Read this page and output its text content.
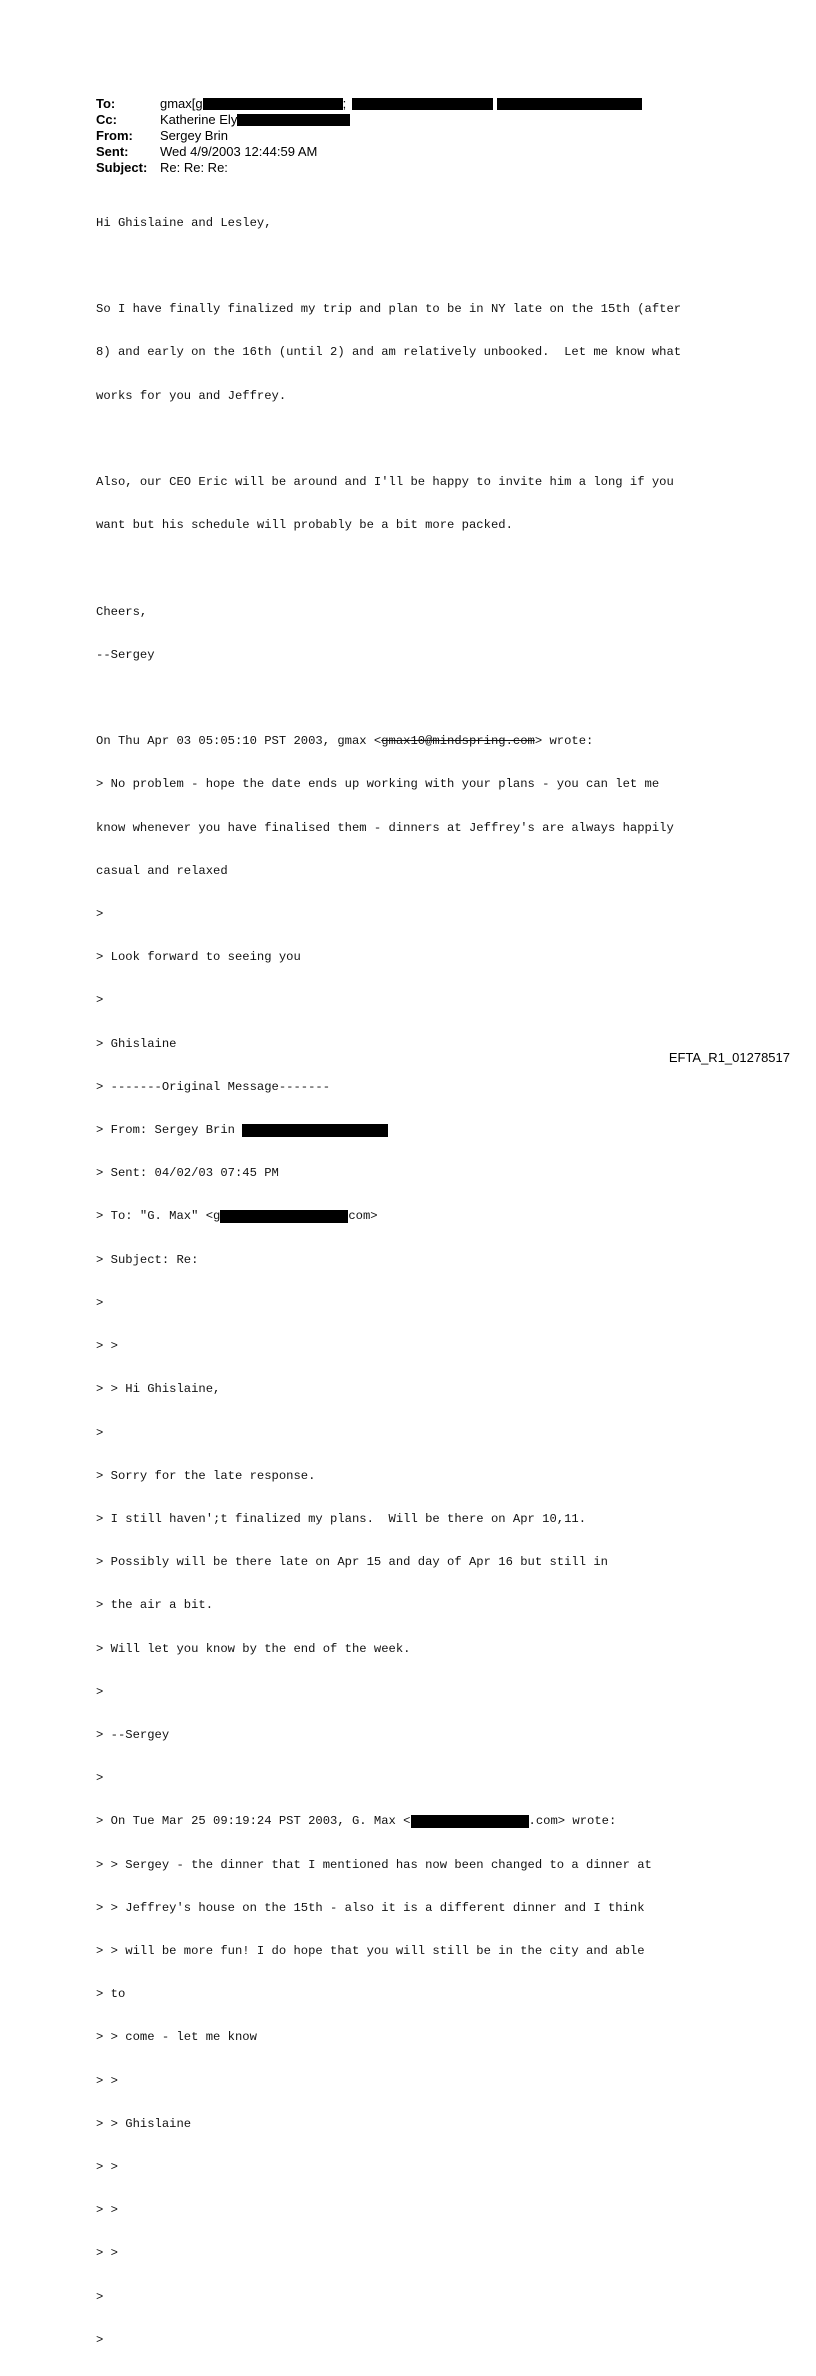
To:	gmax[g	;
Cc:	Katherine Ely
From:	Sergey Brin
Sent:	Wed 4/9/2003 12:44:59 AM
Subject: Re: Re: Re:

Hi Ghislaine and Lesley,

So I have finally finalized my trip and plan to be in NY late on the 15th (after

8) and early on the 16th (until 2) and am relatively unbooked.  Let me know what

works for you and Jeffrey.

Also, our CEO Eric will be around and I'll be happy to invite him a long if you

want but his schedule will probably be a bit more packed.

Cheers,

--Sergey

On Thu Apr 03 05:05:10 PST 2003, gmax < gmax10@mindspring.com > wrote:

> No problem - hope the date ends up working with your plans - you can let me

know whenever you have finalised them - dinners at Jeffrey's are always happily

casual and relaxed

>

> Look forward to seeing you

>

> Ghislaine

> -------Original Message-------

> From: Sergey Brin

> Sent: 04/02/03 07:45 PM

> To: "G. Max" <g	com>

> Subject: Re:

>

> >

> > Hi Ghislaine,

>

> Sorry for the late response.

> I still haven';t finalized my plans.  Will be there on Apr 10,11.

> Possibly will be there late on Apr 15 and day of Apr 16 but still in

> the air a bit.

> Will let you know by the end of the week.

>

> --Sergey

>

> On Tue Mar 25 09:19:24 PST 2003, G. Max <	.com> wrote:

> > Sergey - the dinner that I mentioned has now been changed to a dinner at

> > Jeffrey's house on the 15th - also it is a different dinner and I think

> > will be more fun! I do hope that you will still be in the city and able

> to

> > come - let me know

> >

> > Ghislaine

> >

> >

> >

>

>

EFTA_R1_01278517
